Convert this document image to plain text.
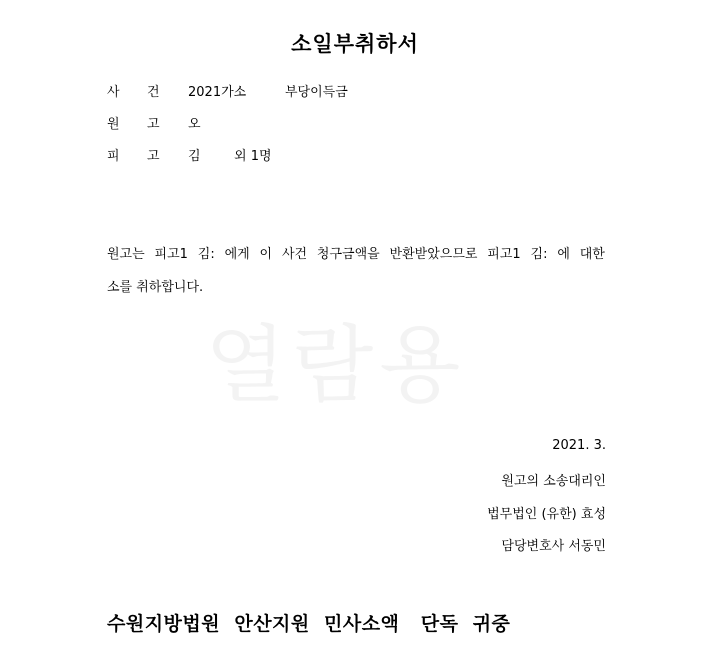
소일부취하서
사 건 2021가소	부당이득금
원 고 오
피 고 김	외 1명
원고는 피고1 김: 에게 이 사건 청구금액을 반환받았으므로 피고1 김: 에 대한
소를 취하합니다.
열람용
2021. 3.
원고의 소송대리인
법무법인 (유한) 효성
담당변호사 서동민
수원지방법원  안산지원  민사소액   단독  귀중
